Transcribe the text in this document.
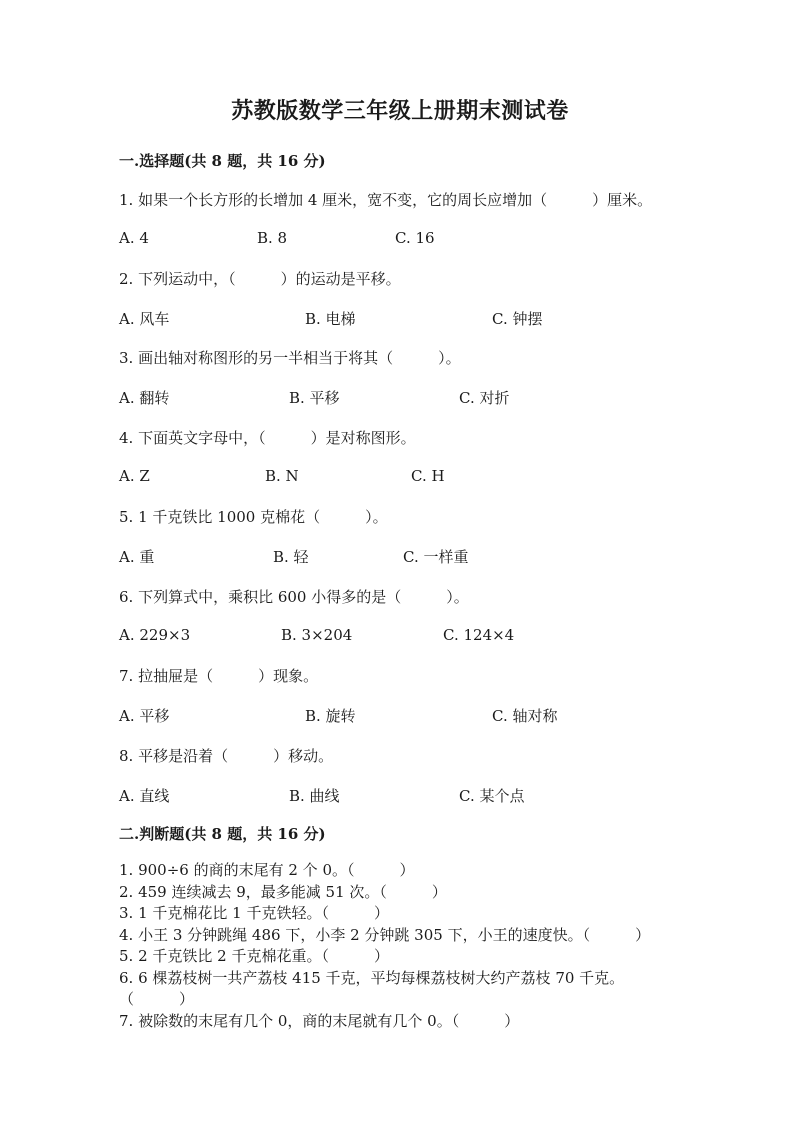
苏教版数学三年级上册期末测试卷
一.选择题(共 8 题，共 16 分)
1. 如果一个长方形的长增加 4 厘米，宽不变，它的周长应增加（　　　）厘米。
A. 4	B. 8	C. 16
2. 下列运动中，（　　　）的运动是平移。
A. 风车	B. 电梯	C. 钟摆
3. 画出轴对称图形的另一半相当于将其（　　　）。
A. 翻转	B. 平移	C. 对折
4. 下面英文字母中，（　　　）是对称图形。
A. Z	B. N	C. H
5. 1 千克铁比 1000 克棉花（　　　）。
A. 重	B. 轻	C. 一样重
6. 下列算式中，乘积比 600 小得多的是（　　　）。
A. 229×3	B. 3×204	C. 124×4
7. 拉抽屉是（　　　）现象。
A. 平移	B. 旋转	C. 轴对称
8. 平移是沿着（　　　）移动。
A. 直线	B. 曲线	C. 某个点
二.判断题(共 8 题，共 16 分)
1. 900÷6 的商的末尾有 2 个 0。（　　　）
2. 459 连续减去 9，最多能减 51 次。（　　　）
3. 1 千克棉花比 1 千克铁轻。（　　　）
4. 小王 3 分钟跳绳 486 下，小李 2 分钟跳 305 下，小王的速度快。（　　　）
5. 2 千克铁比 2 千克棉花重。（　　　）
6. 6 棵荔枝树一共产荔枝 415 千克，平均每棵荔枝树大约产荔枝 70 千克。（　　　）
7. 被除数的末尾有几个 0，商的末尾就有几个 0。（　　　）
